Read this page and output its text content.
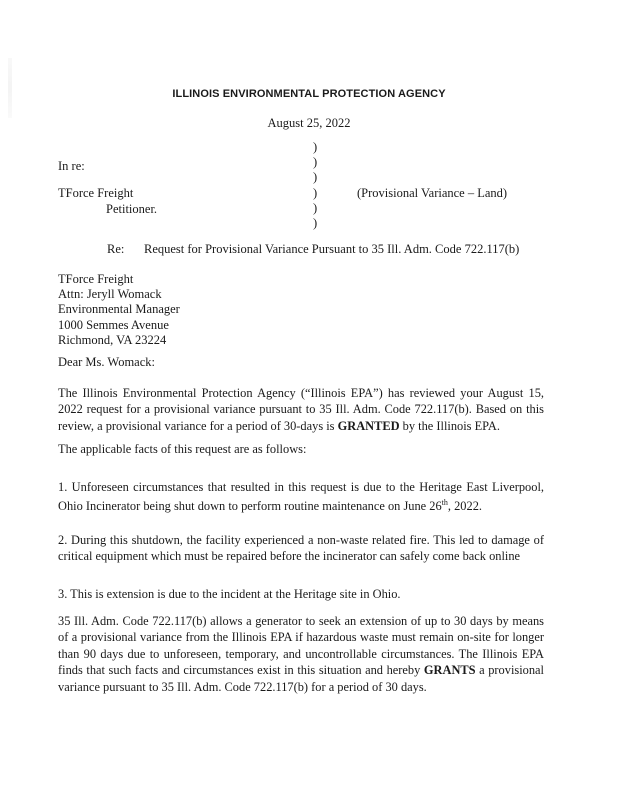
ILLINOIS ENVIRONMENTAL PROTECTION AGENCY
August 25, 2022
In re:
TForce Freight
Petitioner.
(Provisional Variance – Land)
)
)
)
)
)
)
Re: Request for Provisional Variance Pursuant to 35 Ill. Adm. Code 722.117(b)
TForce Freight
Attn: Jeryll Womack
Environmental Manager
1000 Semmes Avenue
Richmond, VA 23224
Dear Ms. Womack:
The Illinois Environmental Protection Agency (“Illinois EPA”) has reviewed your August 15, 2022 request for a provisional variance pursuant to 35 Ill. Adm. Code 722.117(b). Based on this review, a provisional variance for a period of 30-days is GRANTED by the Illinois EPA.
The applicable facts of this request are as follows:
1. Unforeseen circumstances that resulted in this request is due to the Heritage East Liverpool, Ohio Incinerator being shut down to perform routine maintenance on June 26th, 2022.
2. During this shutdown, the facility experienced a non-waste related fire. This led to damage of critical equipment which must be repaired before the incinerator can safely come back online
3. This is extension is due to the incident at the Heritage site in Ohio.
35 Ill. Adm. Code 722.117(b) allows a generator to seek an extension of up to 30 days by means of a provisional variance from the Illinois EPA if hazardous waste must remain on-site for longer than 90 days due to unforeseen, temporary, and uncontrollable circumstances. The Illinois EPA finds that such facts and circumstances exist in this situation and hereby GRANTS a provisional variance pursuant to 35 Ill. Adm. Code 722.117(b) for a period of 30 days.
